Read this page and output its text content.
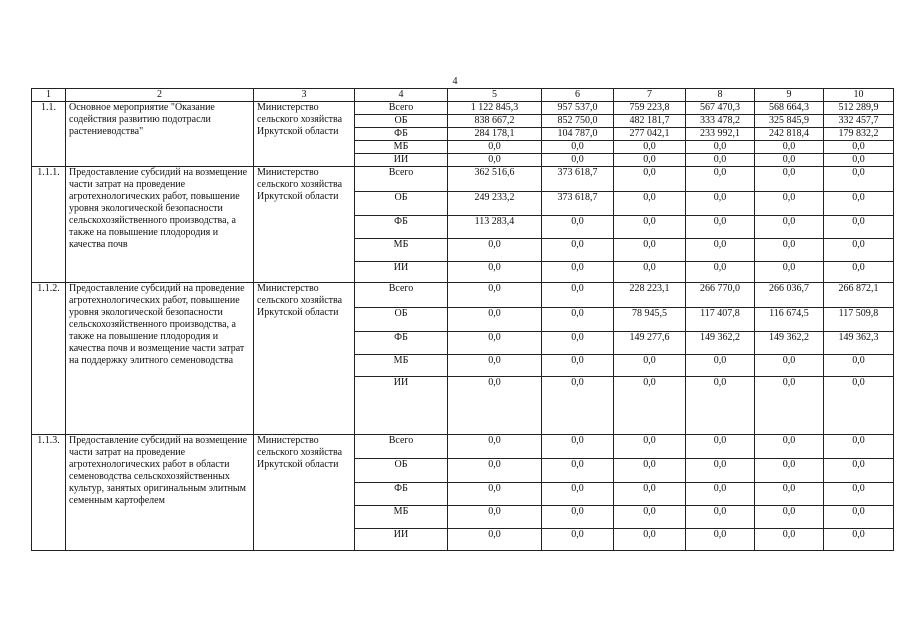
4
1	2	3	4	5	6	7	8	9	10
1.1.	Основное мероприятие "Оказание содействия развитию подотрасли растениеводства"	Министерство сельского хозяйства Иркутской области	Всего	1 122 845,3	957 537,0	759 223,8	567 470,3	568 664,3	512 289,9
			ОБ	838 667,2	852 750,0	482 181,7	333 478,2	325 845,9	332 457,7
			ФБ	284 178,1	104 787,0	277 042,1	233 992,1	242 818,4	179 832,2
			МБ	0,0	0,0	0,0	0,0	0,0	0,0
			ИИ	0,0	0,0	0,0	0,0	0,0	0,0
1.1.1.	Предоставление субсидий на возмещение части затрат на проведение агротехнологических работ, повышение уровня экологической безопасности сельскохозяйственного производства, а также на повышение плодородия и качества почв	Министерство сельского хозяйства Иркутской области	Всего	362 516,6	373 618,7	0,0	0,0	0,0	0,0
			ОБ	249 233,2	373 618,7	0,0	0,0	0,0	0,0
			ФБ	113 283,4	0,0	0,0	0,0	0,0	0,0
			МБ	0,0	0,0	0,0	0,0	0,0	0,0
			ИИ	0,0	0,0	0,0	0,0	0,0	0,0
1.1.2.	Предоставление субсидий на проведение агротехнологических работ, повышение уровня экологической безопасности сельскохозяйственного производства, а также на повышение плодородия и качества почв и возмещение части затрат на поддержку элитного семеноводства	Министерство сельского хозяйства Иркутской области	Всего	0,0	0,0	228 223,1	266 770,0	266 036,7	266 872,1
			ОБ	0,0	0,0	78 945,5	117 407,8	116 674,5	117 509,8
			ФБ	0,0	0,0	149 277,6	149 362,2	149 362,2	149 362,3
			МБ	0,0	0,0	0,0	0,0	0,0	0,0
			ИИ	0,0	0,0	0,0	0,0	0,0	0,0
1.1.3.	Предоставление субсидий на возмещение части затрат на проведение агротехнологических работ в области семеноводства сельскохозяйственных культур, занятых оригинальным элитным семенным картофелем	Министерство сельского хозяйства Иркутской области	Всего	0,0	0,0	0,0	0,0	0,0	0,0
			ОБ	0,0	0,0	0,0	0,0	0,0	0,0
			ФБ	0,0	0,0	0,0	0,0	0,0	0,0
			МБ	0,0	0,0	0,0	0,0	0,0	0,0
			ИИ	0,0	0,0	0,0	0,0	0,0	0,0
